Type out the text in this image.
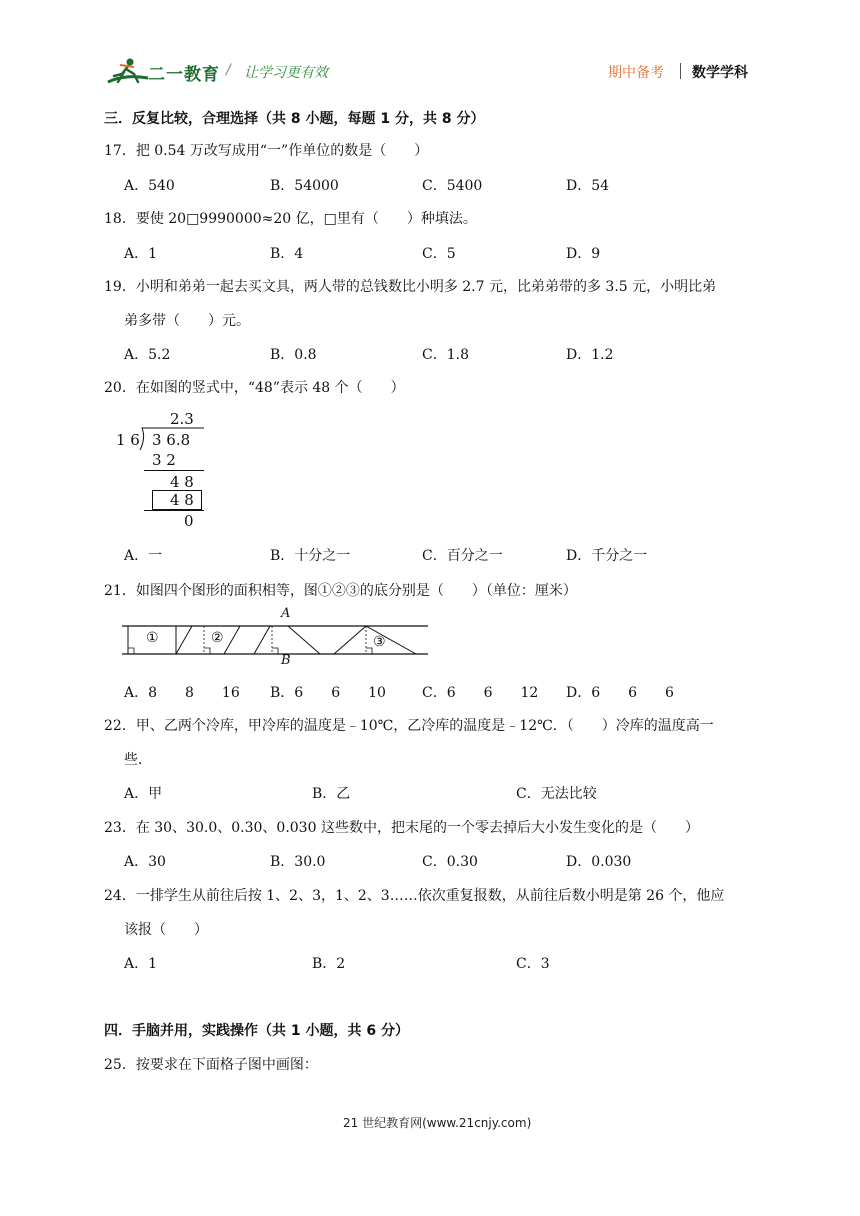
二一教育 / 让学习更有效	期中备考 数学学科
三．反复比较，合理选择（共 8 小题，每题 1 分，共 8 分）
17．把 0.54 万改写成用“一”作单位的数是（　　）
A．540	B．54000	C．5400	D．54
18．要使 20□9990000≈20 亿，□里有（　　）种填法。
A．1	B．4	C．5	D．9
19．小明和弟弟一起去买文具，两人带的总钱数比小明多 2.7 元，比弟弟带的多 3.5 元，小明比弟
弟多带（　　）元。
A．5.2	B．0.8	C．1.8	D．1.2
20．在如图的竖式中，“48”表示 48 个（　　）
2.3
1 6 3 6.8
3 2
4 8
4 8
0
A．一	B．十分之一	C．百分之一	D．千分之一
21．如图四个图形的面积相等，图①②③的底分别是（　　）（单位：厘米）
A
B
①	②	③
A．8　　8　　16 B．6　　6　　10	C．6　　6　　12 D．6　　6　　6
22．甲、乙两个冷库，甲冷库的温度是﹣10℃，乙冷库的温度是﹣12℃．（　　）冷库的温度高一
些．
A．甲	B．乙	C．无法比较
23．在 30、30.0、0.30、0.030 这些数中，把末尾的一个零去掉后大小发生变化的是（　　）
A．30	B．30.0	C．0.30	D．0.030
24．一排学生从前往后按 1、2、3，1、2、3……依次重复报数，从前往后数小明是第 26 个，他应
该报（　　）
A．1	B．2	C．3
四．手脑并用，实践操作（共 1 小题，共 6 分）
25．按要求在下面格子图中画图：
21 世纪教育网(www.21cnjy.com)
